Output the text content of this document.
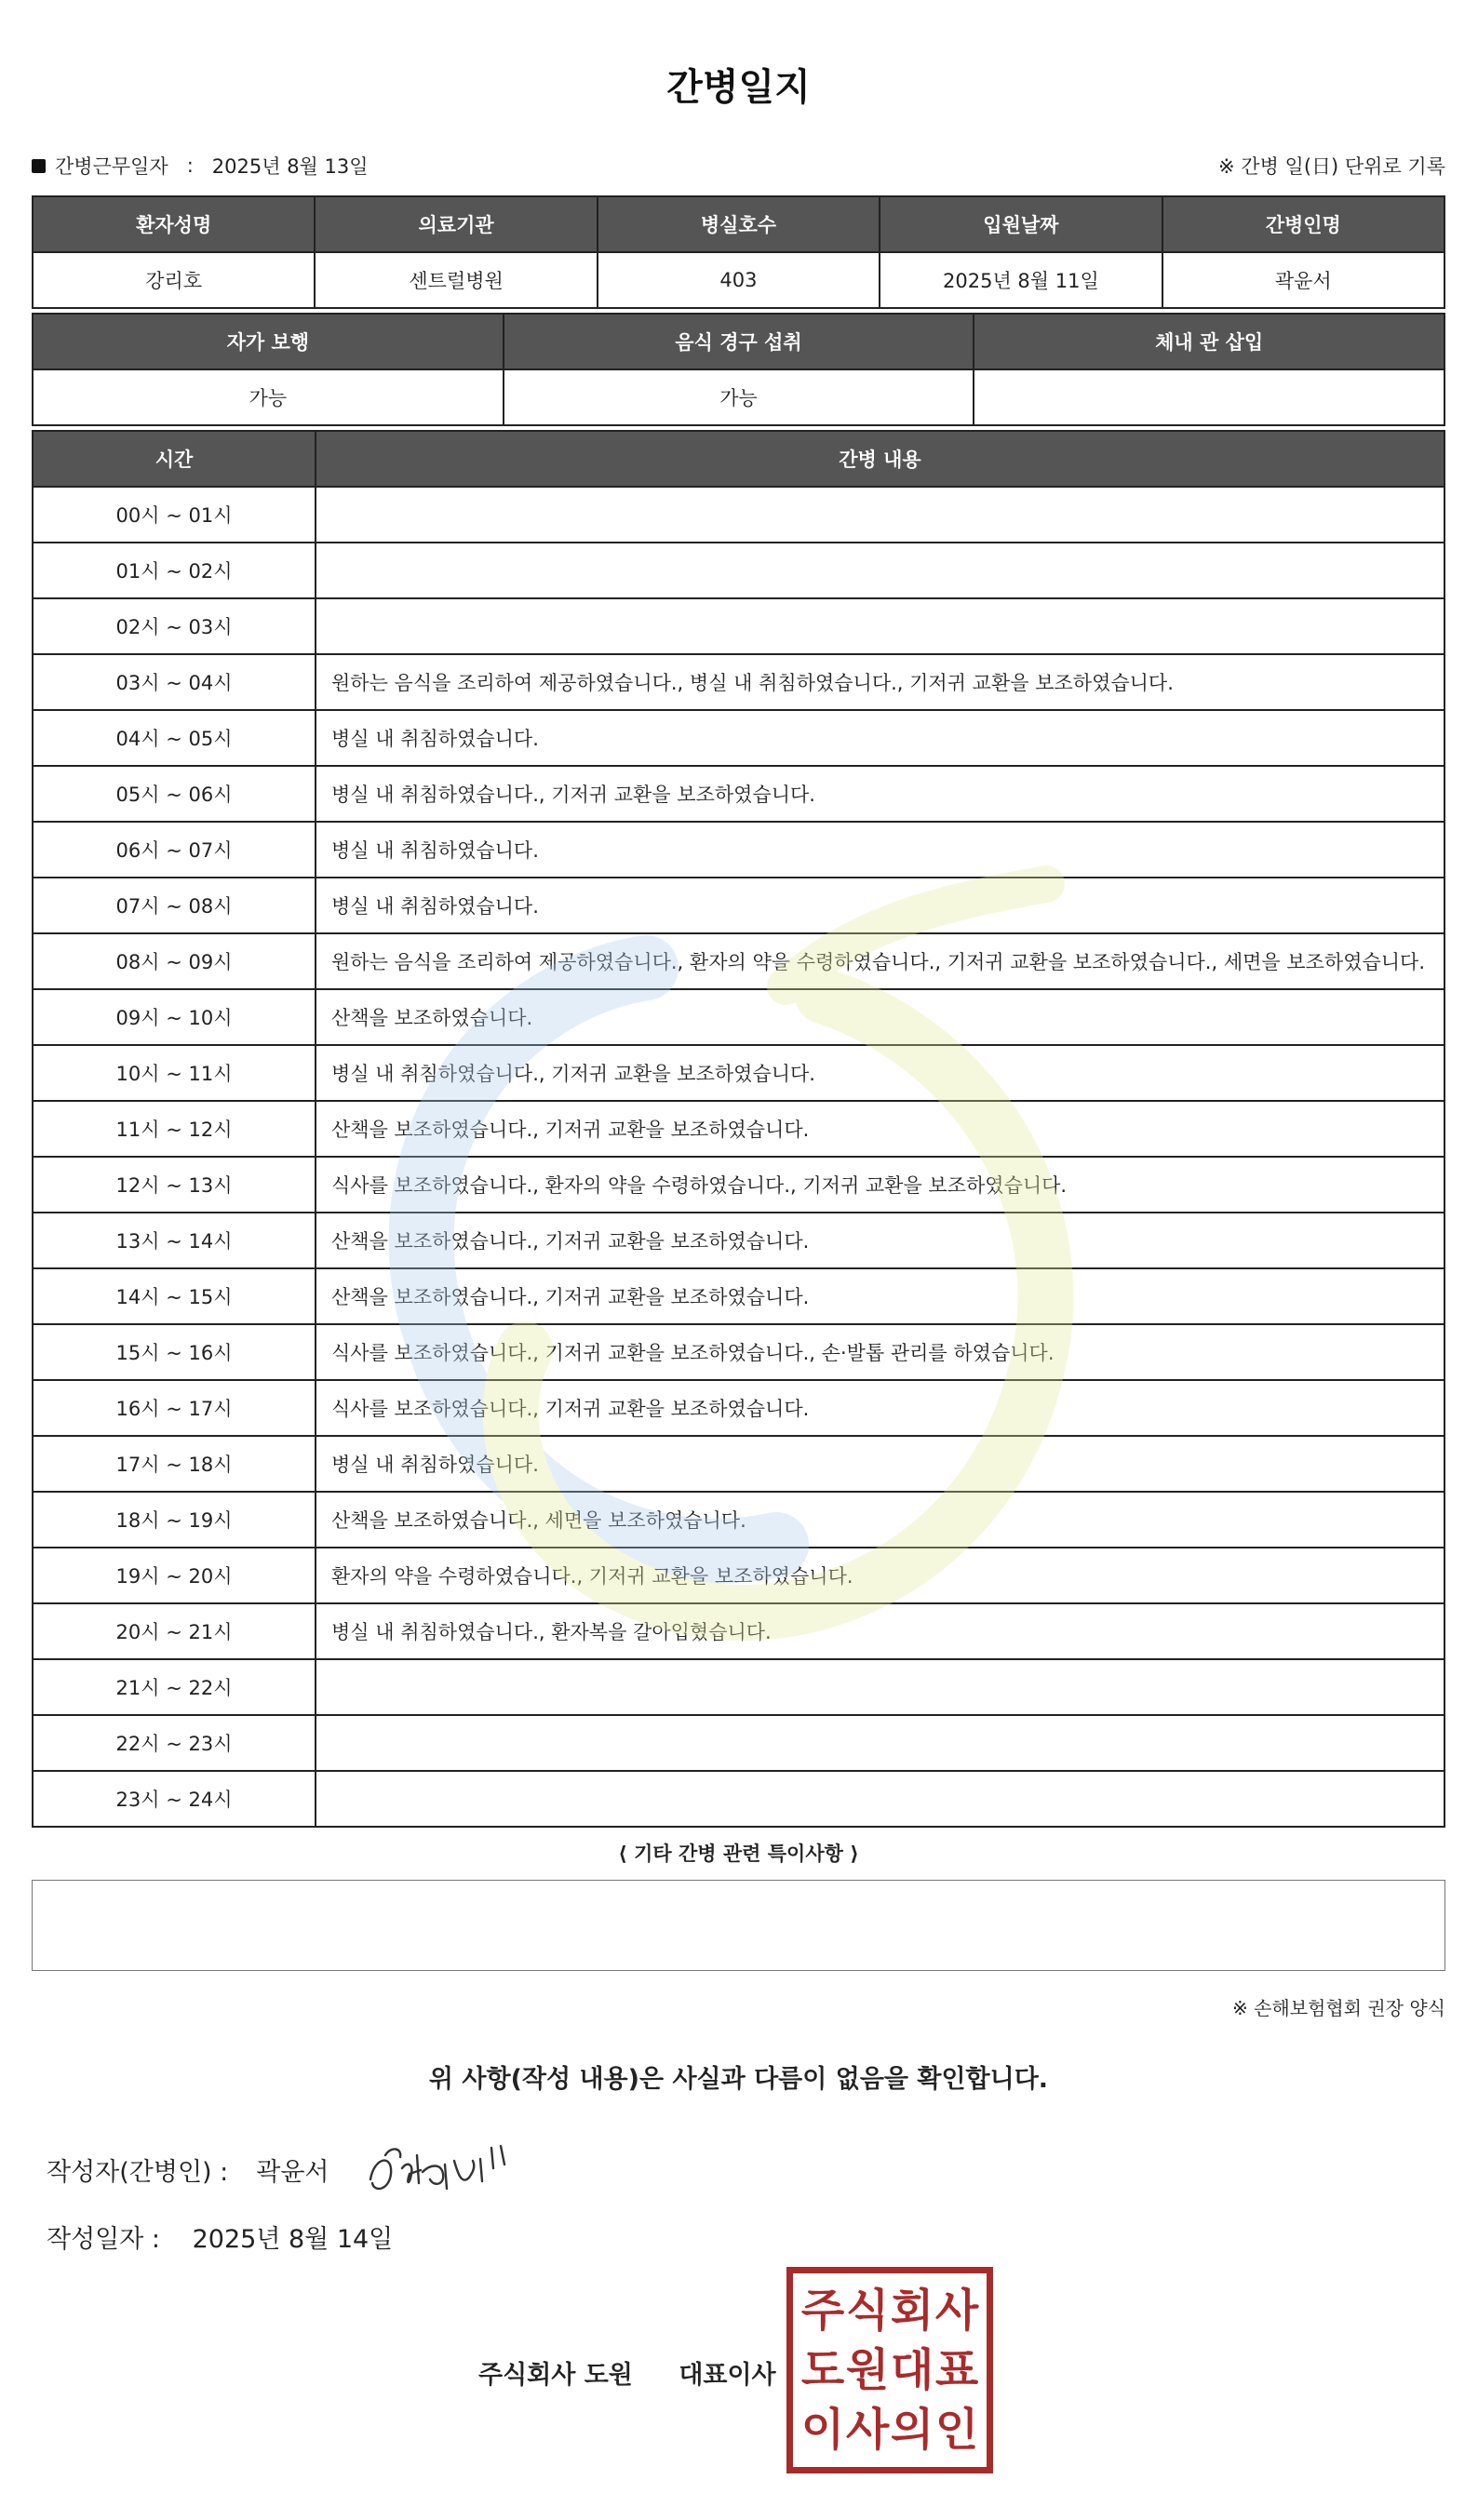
간병일지
간병근무일자 : 2025년 8월 13일	※ 간병 일(日) 단위로 기록
환자성명	의료기관	병실호수	입원날짜	간병인명
강리호	센트럴병원	403	2025년 8월 11일	곽윤서
자가 보행	음식 경구 섭취	체내 관 삽입
가능	가능	
시간	간병 내용
00시 ~ 01시	
01시 ~ 02시	
02시 ~ 03시	
03시 ~ 04시	원하는 음식을 조리하여 제공하였습니다., 병실 내 취침하였습니다., 기저귀 교환을 보조하였습니다.
04시 ~ 05시	병실 내 취침하였습니다.
05시 ~ 06시	병실 내 취침하였습니다., 기저귀 교환을 보조하였습니다.
06시 ~ 07시	병실 내 취침하였습니다.
07시 ~ 08시	병실 내 취침하였습니다.
08시 ~ 09시	원하는 음식을 조리하여 제공하였습니다., 환자의 약을 수령하였습니다., 기저귀 교환을 보조하였습니다., 세면을 보조하였습니다.
09시 ~ 10시	산책을 보조하였습니다.
10시 ~ 11시	병실 내 취침하였습니다., 기저귀 교환을 보조하였습니다.
11시 ~ 12시	산책을 보조하였습니다., 기저귀 교환을 보조하였습니다.
12시 ~ 13시	식사를 보조하였습니다., 환자의 약을 수령하였습니다., 기저귀 교환을 보조하였습니다.
13시 ~ 14시	산책을 보조하였습니다., 기저귀 교환을 보조하였습니다.
14시 ~ 15시	산책을 보조하였습니다., 기저귀 교환을 보조하였습니다.
15시 ~ 16시	식사를 보조하였습니다., 기저귀 교환을 보조하였습니다., 손·발톱 관리를 하였습니다.
16시 ~ 17시	식사를 보조하였습니다., 기저귀 교환을 보조하였습니다.
17시 ~ 18시	병실 내 취침하였습니다.
18시 ~ 19시	산책을 보조하였습니다., 세면을 보조하였습니다.
19시 ~ 20시	환자의 약을 수령하였습니다., 기저귀 교환을 보조하였습니다.
20시 ~ 21시	병실 내 취침하였습니다., 환자복을 갈아입혔습니다.
21시 ~ 22시	
22시 ~ 23시	
23시 ~ 24시	
⟨ 기타 간병 관련 특이사항 ⟩
※ 손해보험협회 권장 양식
위 사항(작성 내용)은 사실과 다름이 없음을 확인합니다.
작성자(간병인) : 곽윤서
작성일자 : 2025년 8월 14일
주식회사 도원 대표이사
주 식 회 사
도 원 대 표
이 사 의 인
